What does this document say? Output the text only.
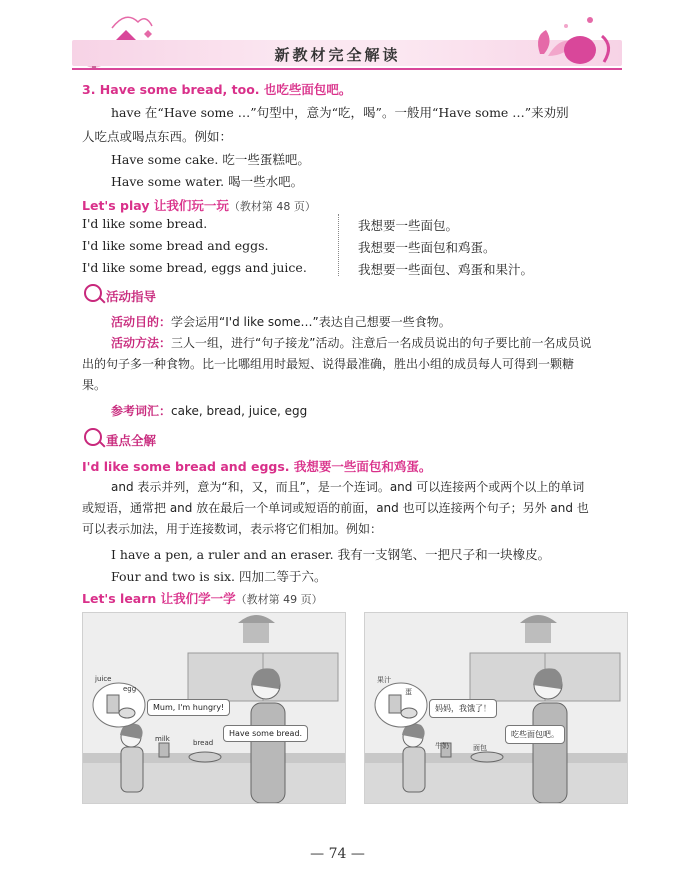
新教材完全解读
3. Have some bread, too. 也吃些面包吧。
have 在“Have some …”句型中，意为“吃，喝”。一般用“Have some …”来劝别
人吃点或喝点东西。例如：
Have some cake. 吃一些蛋糕吧。
Have some water. 喝一些水吧。
Let's play 让我们玩一玩（教材第 48 页）
I'd like some bread.
I'd like some bread and eggs.
I'd like some bread, eggs and juice.
我想要一些面包。
我想要一些面包和鸡蛋。
我想要一些面包、鸡蛋和果汁。
活动指导
活动目的：学会运用“I'd like some…”表达自己想要一些食物。
活动方法：三人一组，进行“句子接龙”活动。注意后一名成员说出的句子要比前一名成员说出的句子多一种食物。比一比哪组用时最短、说得最准确，胜出小组的成员每人可得到一颗糖果。
参考词汇：cake, bread, juice, egg
重点全解
I'd like some bread and eggs. 我想要一些面包和鸡蛋。
and 表示并列，意为“和，又，而且”，是一个连词。and 可以连接两个或两个以上的单词或短语，通常把 and 放在最后一个单词或短语的前面，and 也可以连接两个句子；另外 and 也可以表示加法，用于连接数词，表示将它们相加。例如：
I have a pen, a ruler and an eraser. 我有一支钢笔、一把尺子和一块橡皮。
Four and two is six. 四加二等于六。
Let's learn 让我们学一学（教材第 49 页）
juice
egg
milk	bread
Mum, I'm hungry!
Have some bread.
果汁
蛋
牛奶	面包
妈妈，我饿了！
吃些面包吧。
— 74 —
